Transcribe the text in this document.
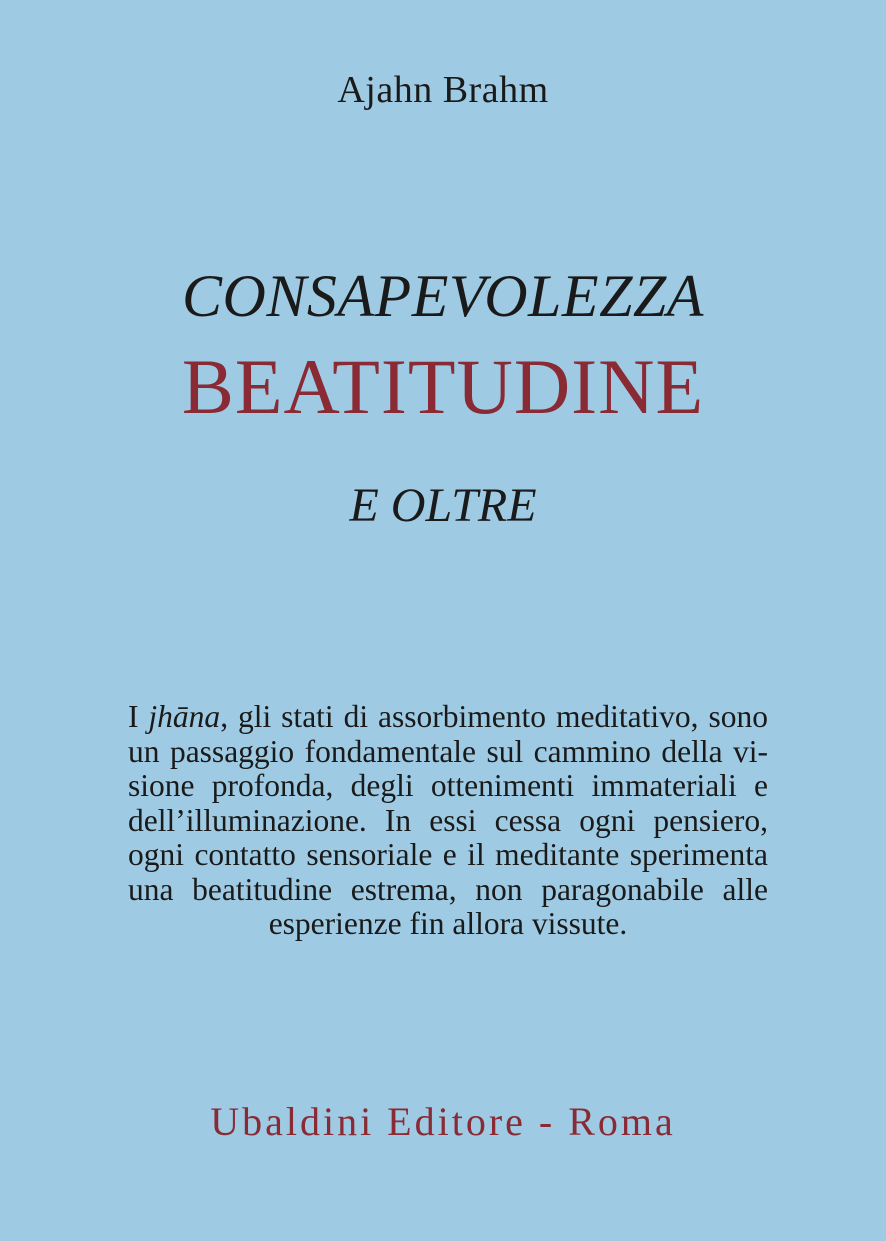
Ajahn Brahm
CONSAPEVOLEZZA
BEATITUDINE
E OLTRE
I jhāna, gli stati di assorbimento meditativo, sono
un passaggio fondamentale sul cammino della vi-
sione profonda, degli ottenimenti immateriali e
dell’illuminazione. In essi cessa ogni pensiero,
ogni contatto sensoriale e il meditante sperimenta
una beatitudine estrema, non paragonabile alle
esperienze fin allora vissute.
Ubaldini Editore - Roma
